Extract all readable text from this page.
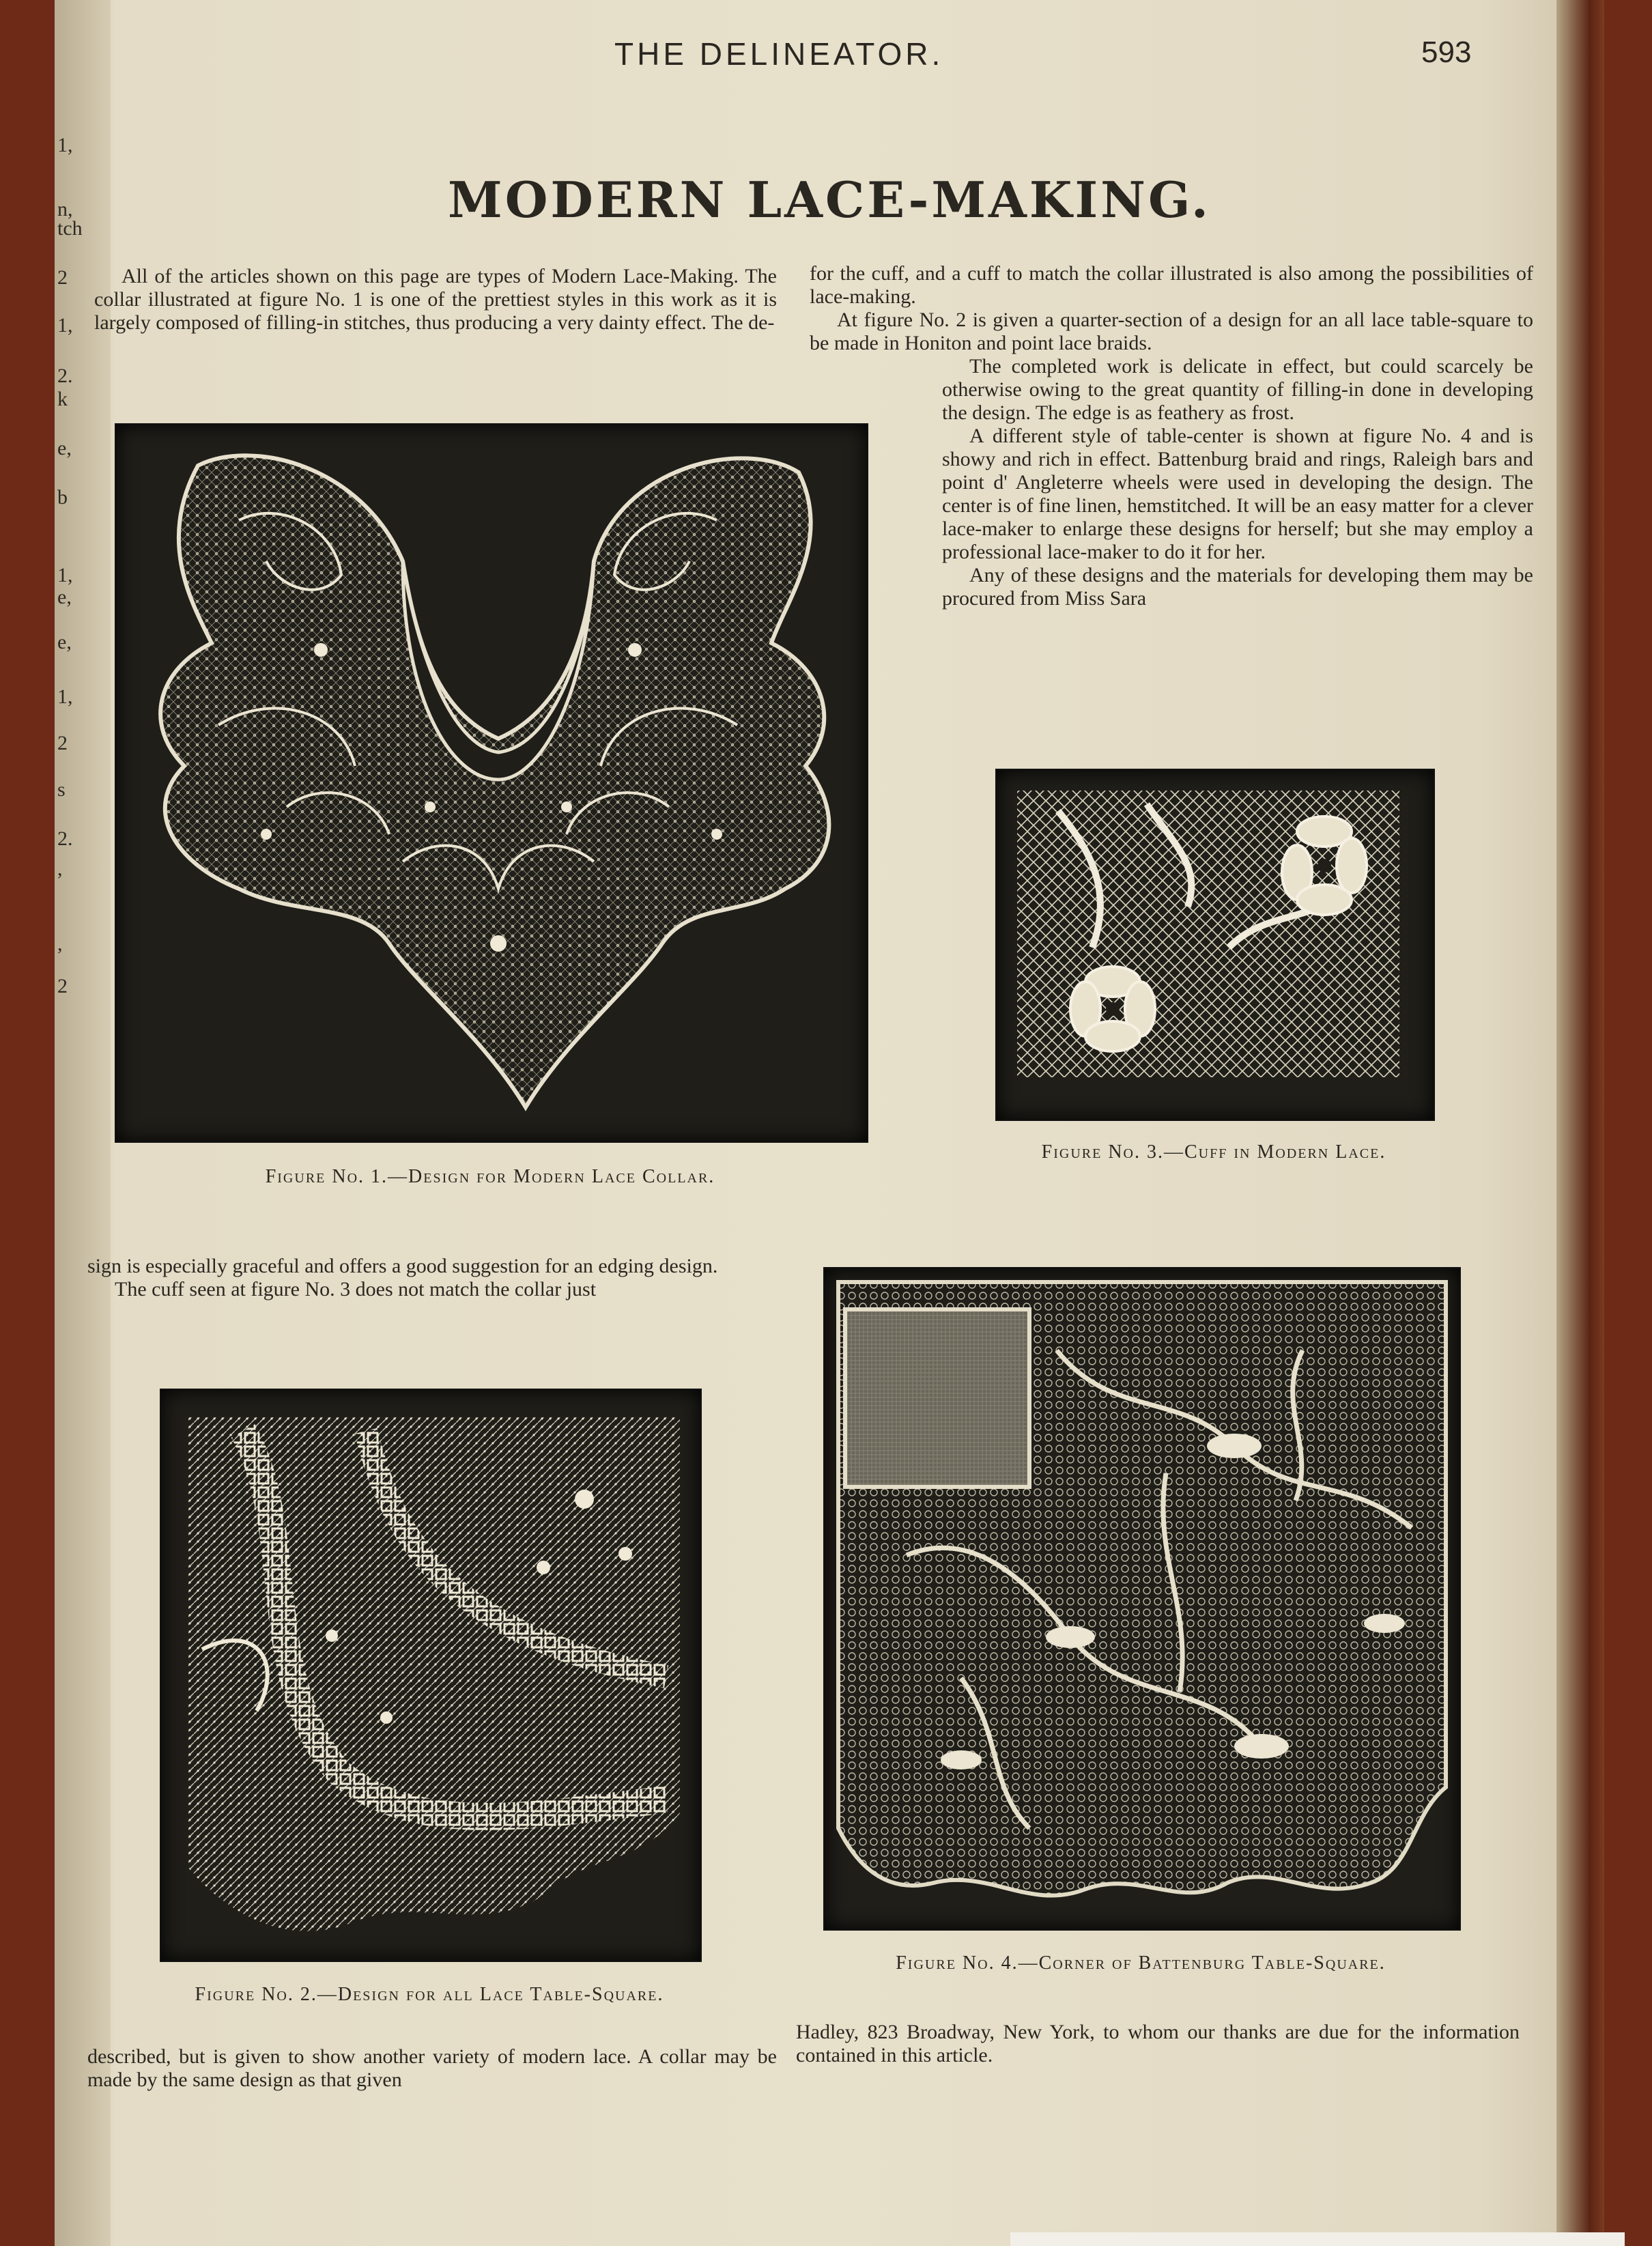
1,
n,
tch
2
1,
2.
k
e,
b
1,
e,
e,
1,
2
s
2.
,
,
2
THE DELINEATOR.	593
MODERN LACE-MAKING.

All of the articles shown on this page are types of Modern Lace-Making. The collar illustrated at figure No. 1 is one of the prettiest styles in this work as it is largely composed of filling-in stitches, thus producing a very dainty effect. The de-

for the cuff, and a cuff to match the collar illustrated is also among the possibilities of lace-making.

At figure No. 2 is given a quarter-section of a design for an all lace table-square to be made in Honiton and point lace braids.

The completed work is delicate in effect, but could scarcely be otherwise owing to the great quantity of filling-in done in developing the design. The edge is as feathery as frost.

A different style of table-center is shown at figure No. 4 and is showy and rich in effect. Battenburg braid and rings, Raleigh bars and point d' Angleterre wheels were used in developing the design. The center is of fine linen, hemstitched. It will be an easy matter for a clever lace-maker to enlarge these designs for herself; but she may employ a professional lace-maker to do it for her.

Any of these designs and the materials for developing them may be procured from Miss Sara

Figure No. 1.—Design for Modern Lace Collar.
Figure No. 3.—Cuff in Modern Lace.

sign is especially graceful and offers a good suggestion for an edging design.

The cuff seen at figure No. 3 does not match the collar just

Figure No. 2.—Design for all Lace Table-Square.

described, but is given to show another variety of modern lace. A collar may be made by the same design as that given

Figure No. 4.—Corner of Battenburg Table-Square.

Hadley, 823 Broadway, New York, to whom our thanks are due for the information contained in this article.
